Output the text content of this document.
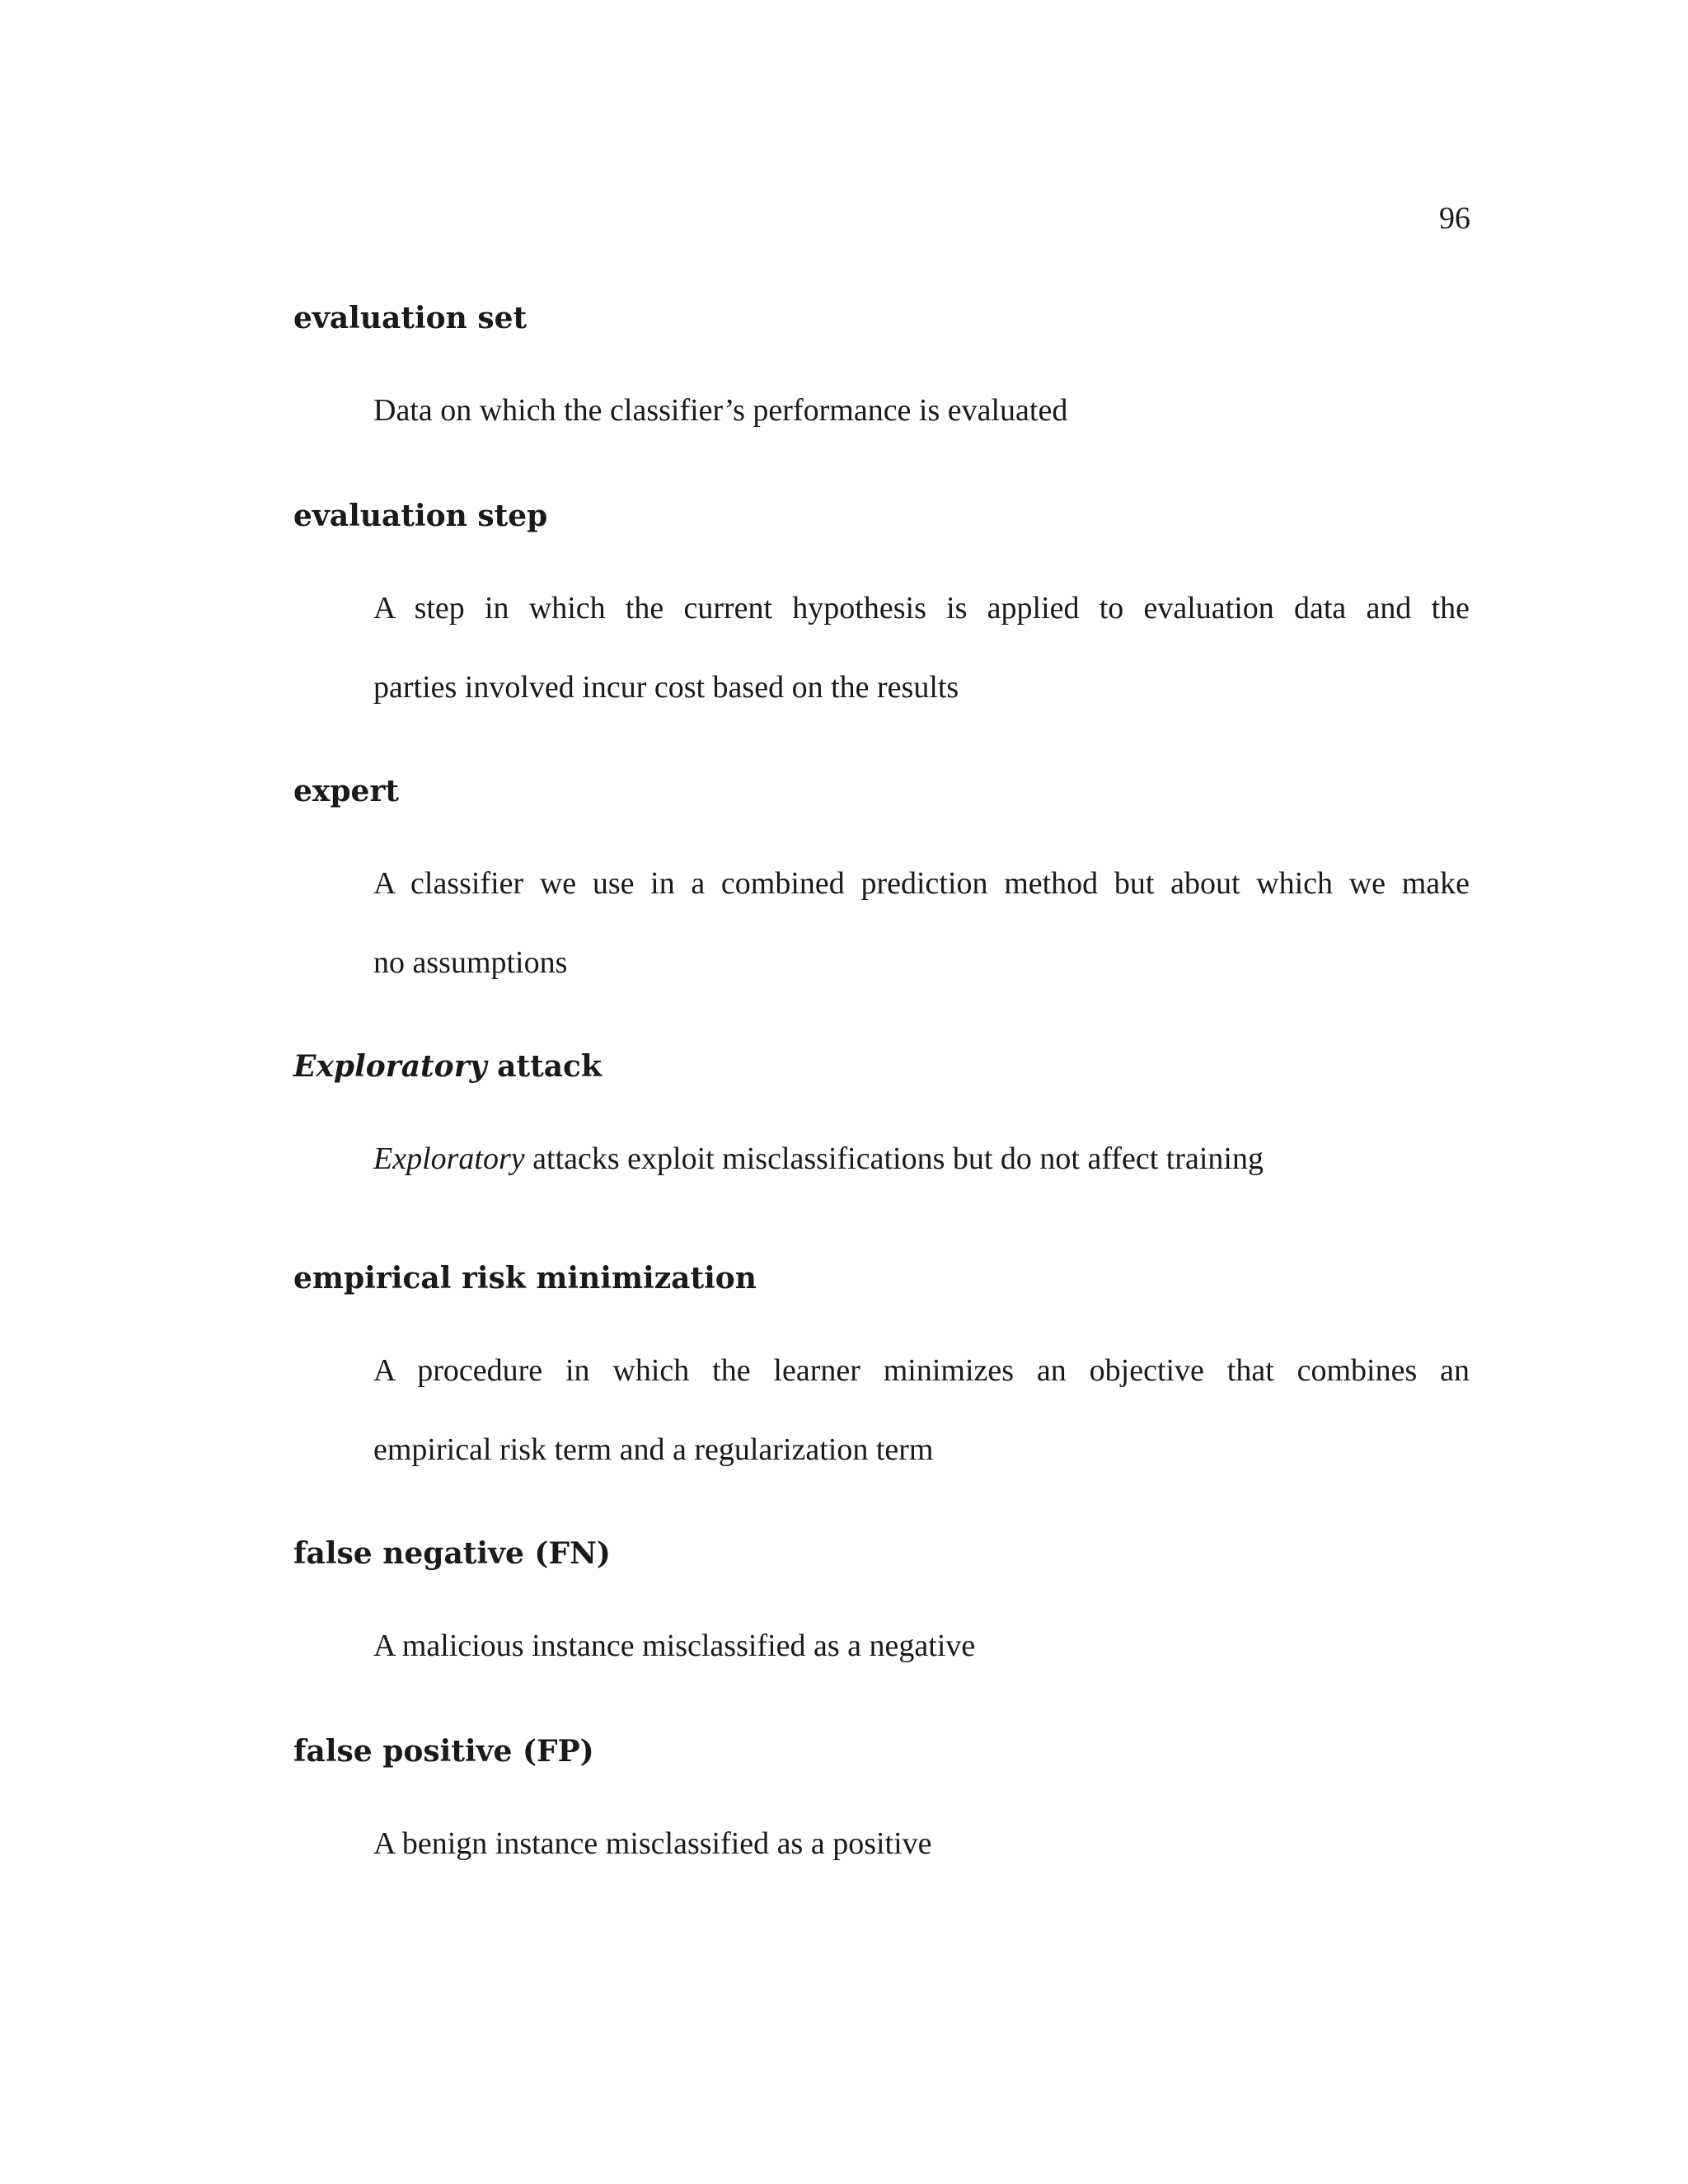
96
evaluation set
Data on which the classifier’s performance is evaluated
evaluation step
A step in which the current hypothesis is applied to evaluation data and the
parties involved incur cost based on the results
expert
A classifier we use in a combined prediction method but about which we make
no assumptions
Exploratory attack
Exploratory attacks exploit misclassifications but do not affect training
empirical risk minimization
A procedure in which the learner minimizes an objective that combines an
empirical risk term and a regularization term
false negative (FN)
A malicious instance misclassified as a negative
false positive (FP)
A benign instance misclassified as a positive
